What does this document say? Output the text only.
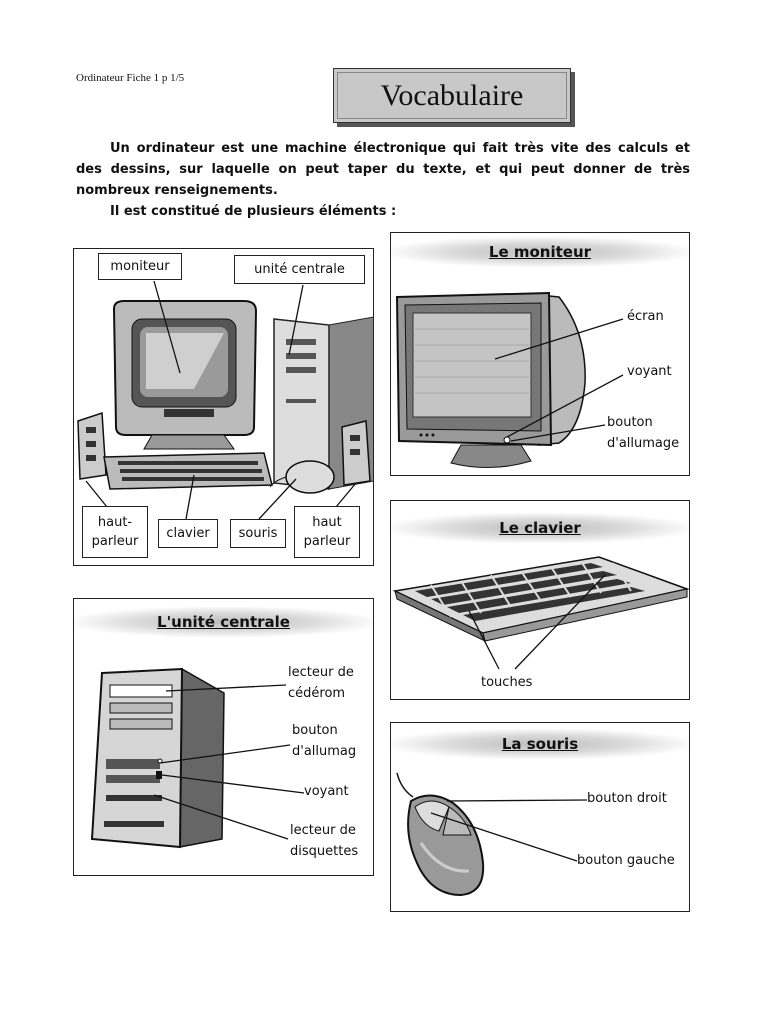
Ordinateur Fiche 1 p 1/5
Vocabulaire

Un ordinateur est une machine électronique qui fait très vite des calculs et des dessins, sur laquelle on peut taper du texte, et qui peut donner de très nombreux renseignements.

Il est constitué de plusieurs éléments :

moniteur	unité centrale
haut-
parleur
clavier	souris
haut
parleur
Le moniteur
écran
voyant
bouton
d'allumage
Le clavier
touches
L'unité centrale
lecteur de
cédérom
bouton
d'allumag
voyant
lecteur de
disquettes
La souris
bouton droit
bouton gauche
